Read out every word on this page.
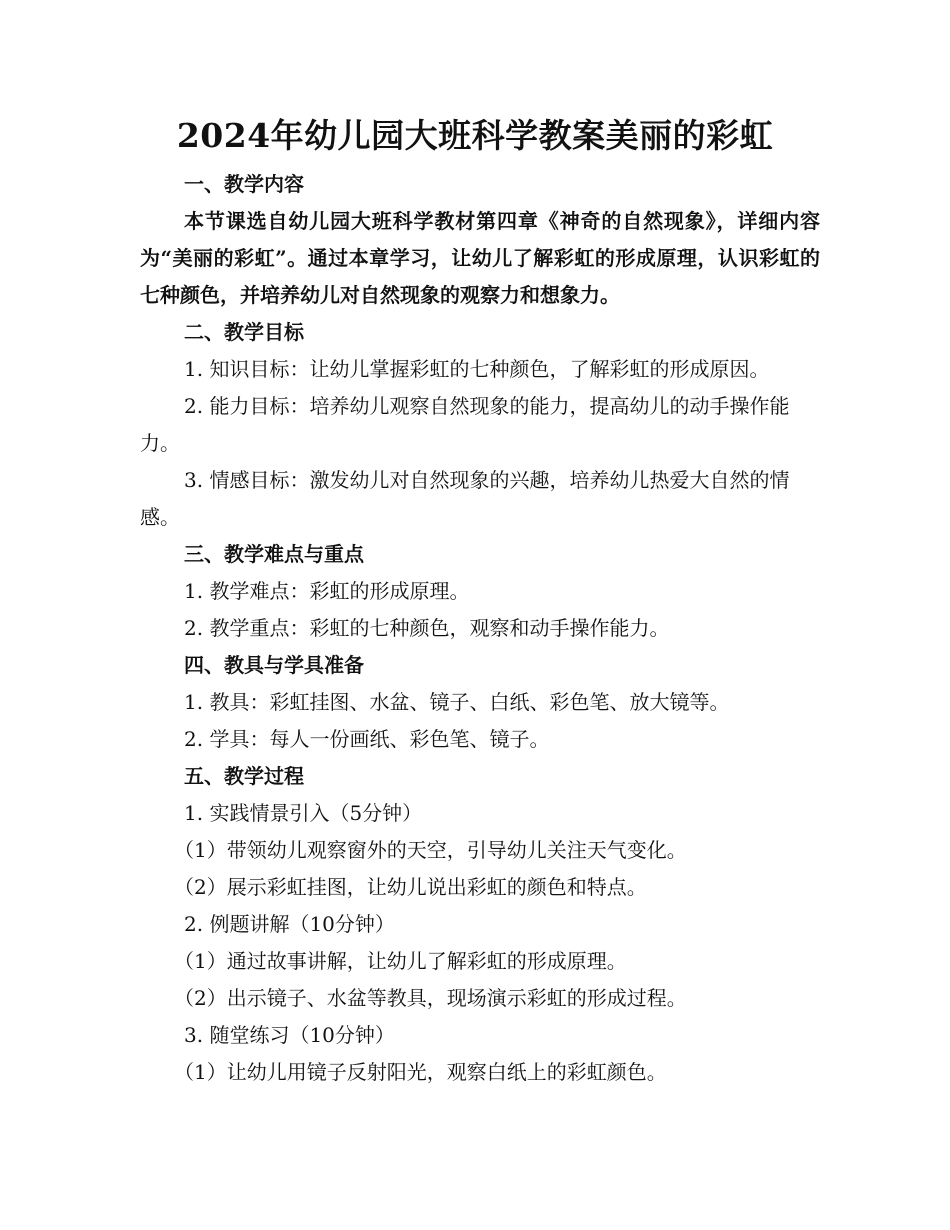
2024年幼儿园大班科学教案美丽的彩虹

一、教学内容

本节课选自幼儿园大班科学教材第四章《神奇的自然现象》，详细内容为“美丽的彩虹”。通过本章学习，让幼儿了解彩虹的形成原理，认识彩虹的七种颜色，并培养幼儿对自然现象的观察力和想象力。

二、教学目标

1. 知识目标：让幼儿掌握彩虹的七种颜色，了解彩虹的形成原因。

2. 能力目标：培养幼儿观察自然现象的能力，提高幼儿的动手操作能力。

3. 情感目标：激发幼儿对自然现象的兴趣，培养幼儿热爱大自然的情感。

三、教学难点与重点

1. 教学难点：彩虹的形成原理。

2. 教学重点：彩虹的七种颜色，观察和动手操作能力。

四、教具与学具准备

1. 教具：彩虹挂图、水盆、镜子、白纸、彩色笔、放大镜等。

2. 学具：每人一份画纸、彩色笔、镜子。

五、教学过程

1. 实践情景引入（5分钟）

（1）带领幼儿观察窗外的天空，引导幼儿关注天气变化。

（2）展示彩虹挂图，让幼儿说出彩虹的颜色和特点。

2. 例题讲解（10分钟）

（1）通过故事讲解，让幼儿了解彩虹的形成原理。

（2）出示镜子、水盆等教具，现场演示彩虹的形成过程。

3. 随堂练习（10分钟）

（1）让幼儿用镜子反射阳光，观察白纸上的彩虹颜色。
